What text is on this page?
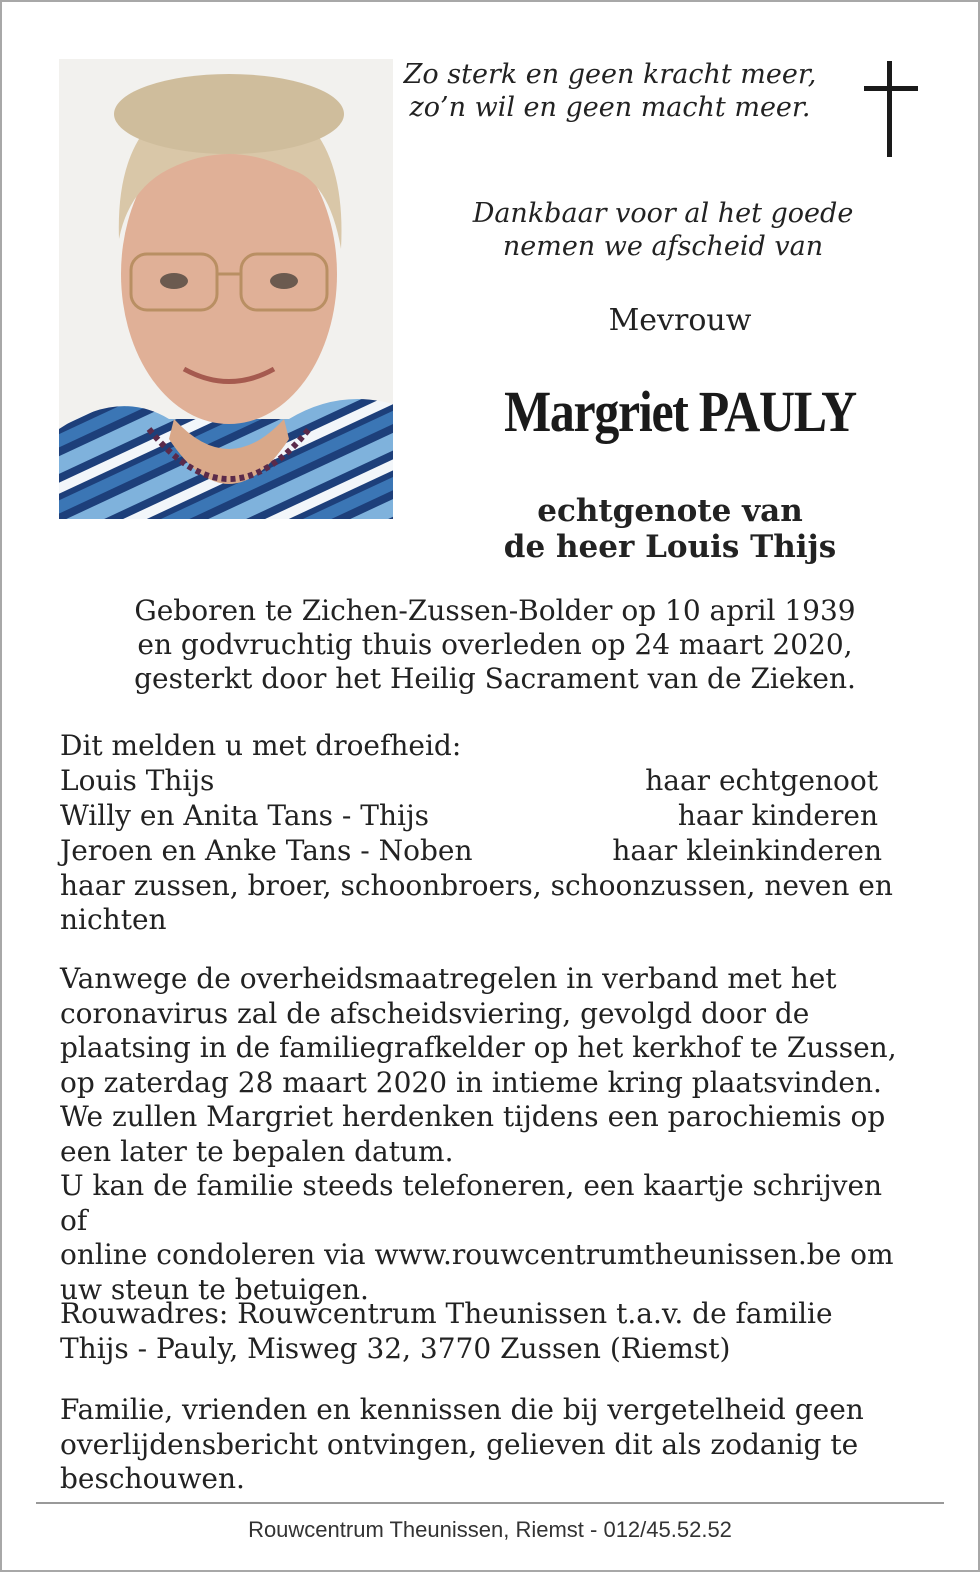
Zo sterk en geen kracht meer,
zo’n wil en geen macht meer.
Dankbaar voor al het goede
nemen we afscheid van
Mevrouw
Margriet PAULY
echtgenote van
de heer Louis Thijs
Geboren te Zichen-Zussen-Bolder op 10 april 1939
en godvruchtig thuis overleden op 24 maart 2020,
gesterkt door het Heilig Sacrament van de Zieken.
Dit melden u met droefheid:
Louis Thijs	haar echtgenoot
Willy en Anita Tans - Thijs	haar kinderen
Jeroen en Anke Tans - Noben	haar kleinkinderen
haar zussen, broer, schoonbroers, schoonzussen, neven en
nichten
Vanwege de overheidsmaatregelen in verband met het
coronavirus zal de afscheidsviering, gevolgd door de
plaatsing in de familiegrafkelder op het kerkhof te Zussen,
op zaterdag 28 maart 2020 in intieme kring plaatsvinden.
We zullen Margriet herdenken tijdens een parochiemis op
een later te bepalen datum.
U kan de familie steeds telefoneren, een kaartje schrijven of
online condoleren via www.rouwcentrumtheunissen.be om
uw steun te betuigen.
Rouwadres: Rouwcentrum Theunissen t.a.v. de familie
Thijs - Pauly, Misweg 32, 3770 Zussen (Riemst)
Familie, vrienden en kennissen die bij vergetelheid geen
overlijdensbericht ontvingen, gelieven dit als zodanig te
beschouwen.
Rouwcentrum Theunissen, Riemst - 012/45.52.52
